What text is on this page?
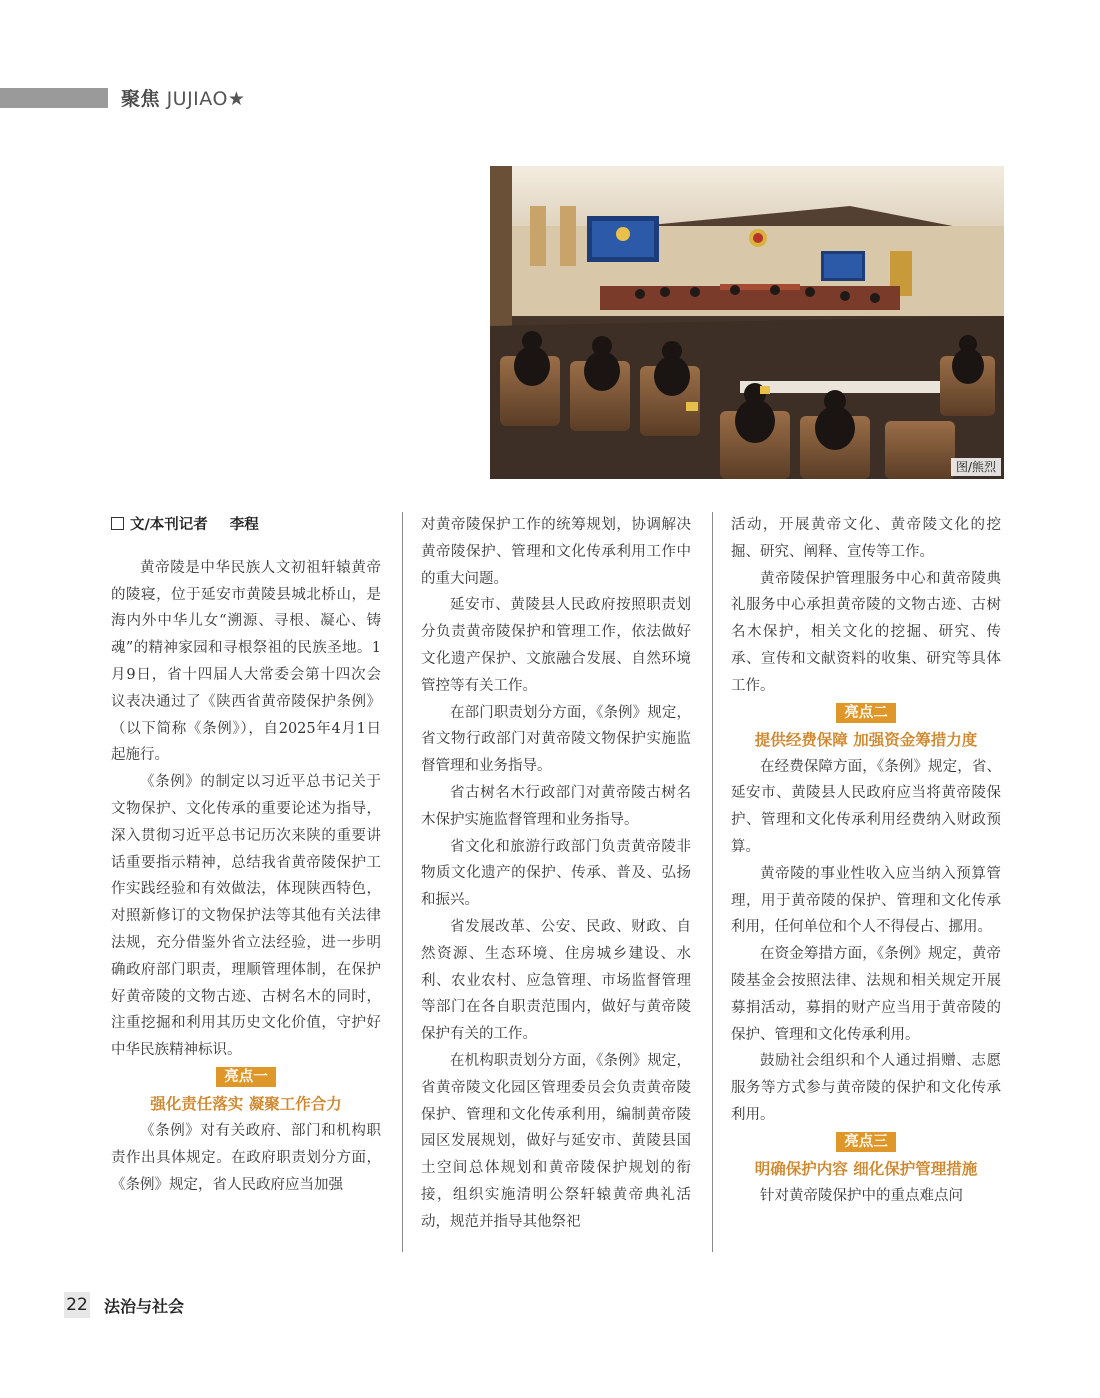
聚焦 JUJIAO★
图/熊烈
文/本刊记者 李程

黄帝陵是中华民族人文初祖轩辕黄帝的陵寝，位于延安市黄陵县城北桥山，是海内外中华儿女“溯源、寻根、凝心、铸魂”的精神家园和寻根祭祖的民族圣地。1月9日，省十四届人大常委会第十四次会议表决通过了《陕西省黄帝陵保护条例》（以下简称《条例》），自2025年4月1日起施行。

《条例》的制定以习近平总书记关于文物保护、文化传承的重要论述为指导，深入贯彻习近平总书记历次来陕的重要讲话重要指示精神，总结我省黄帝陵保护工作实践经验和有效做法，体现陕西特色，对照新修订的文物保护法等其他有关法律法规，充分借鉴外省立法经验，进一步明确政府部门职责，理顺管理体制，在保护好黄帝陵的文物古迹、古树名木的同时，注重挖掘和利用其历史文化价值，守护好中华民族精神标识。

亮点一
强化责任落实 凝聚工作合力

《条例》对有关政府、部门和机构职责作出具体规定。在政府职责划分方面，《条例》规定，省人民政府应当加强

对黄帝陵保护工作的统筹规划，协调解决黄帝陵保护、管理和文化传承利用工作中的重大问题。

延安市、黄陵县人民政府按照职责划分负责黄帝陵保护和管理工作，依法做好文化遗产保护、文旅融合发展、自然环境管控等有关工作。

在部门职责划分方面，《条例》规定，省文物行政部门对黄帝陵文物保护实施监督管理和业务指导。

省古树名木行政部门对黄帝陵古树名木保护实施监督管理和业务指导。

省文化和旅游行政部门负责黄帝陵非物质文化遗产的保护、传承、普及、弘扬和振兴。

省发展改革、公安、民政、财政、自然资源、生态环境、住房城乡建设、水利、农业农村、应急管理、市场监督管理等部门在各自职责范围内，做好与黄帝陵保护有关的工作。

在机构职责划分方面，《条例》规定，省黄帝陵文化园区管理委员会负责黄帝陵保护、管理和文化传承利用，编制黄帝陵园区发展规划，做好与延安市、黄陵县国土空间总体规划和黄帝陵保护规划的衔接，组织实施清明公祭轩辕黄帝典礼活动，规范并指导其他祭祀

活动，开展黄帝文化、黄帝陵文化的挖掘、研究、阐释、宣传等工作。

黄帝陵保护管理服务中心和黄帝陵典礼服务中心承担黄帝陵的文物古迹、古树名木保护，相关文化的挖掘、研究、传承、宣传和文献资料的收集、研究等具体工作。

亮点二
提供经费保障 加强资金筹措力度

在经费保障方面，《条例》规定，省、延安市、黄陵县人民政府应当将黄帝陵保护、管理和文化传承利用经费纳入财政预算。

黄帝陵的事业性收入应当纳入预算管理，用于黄帝陵的保护、管理和文化传承利用，任何单位和个人不得侵占、挪用。

在资金筹措方面，《条例》规定，黄帝陵基金会按照法律、法规和相关规定开展募捐活动，募捐的财产应当用于黄帝陵的保护、管理和文化传承利用。

鼓励社会组织和个人通过捐赠、志愿服务等方式参与黄帝陵的保护和文化传承利用。

亮点三
明确保护内容 细化保护管理措施

针对黄帝陵保护中的重点难点问

22 法治与社会
